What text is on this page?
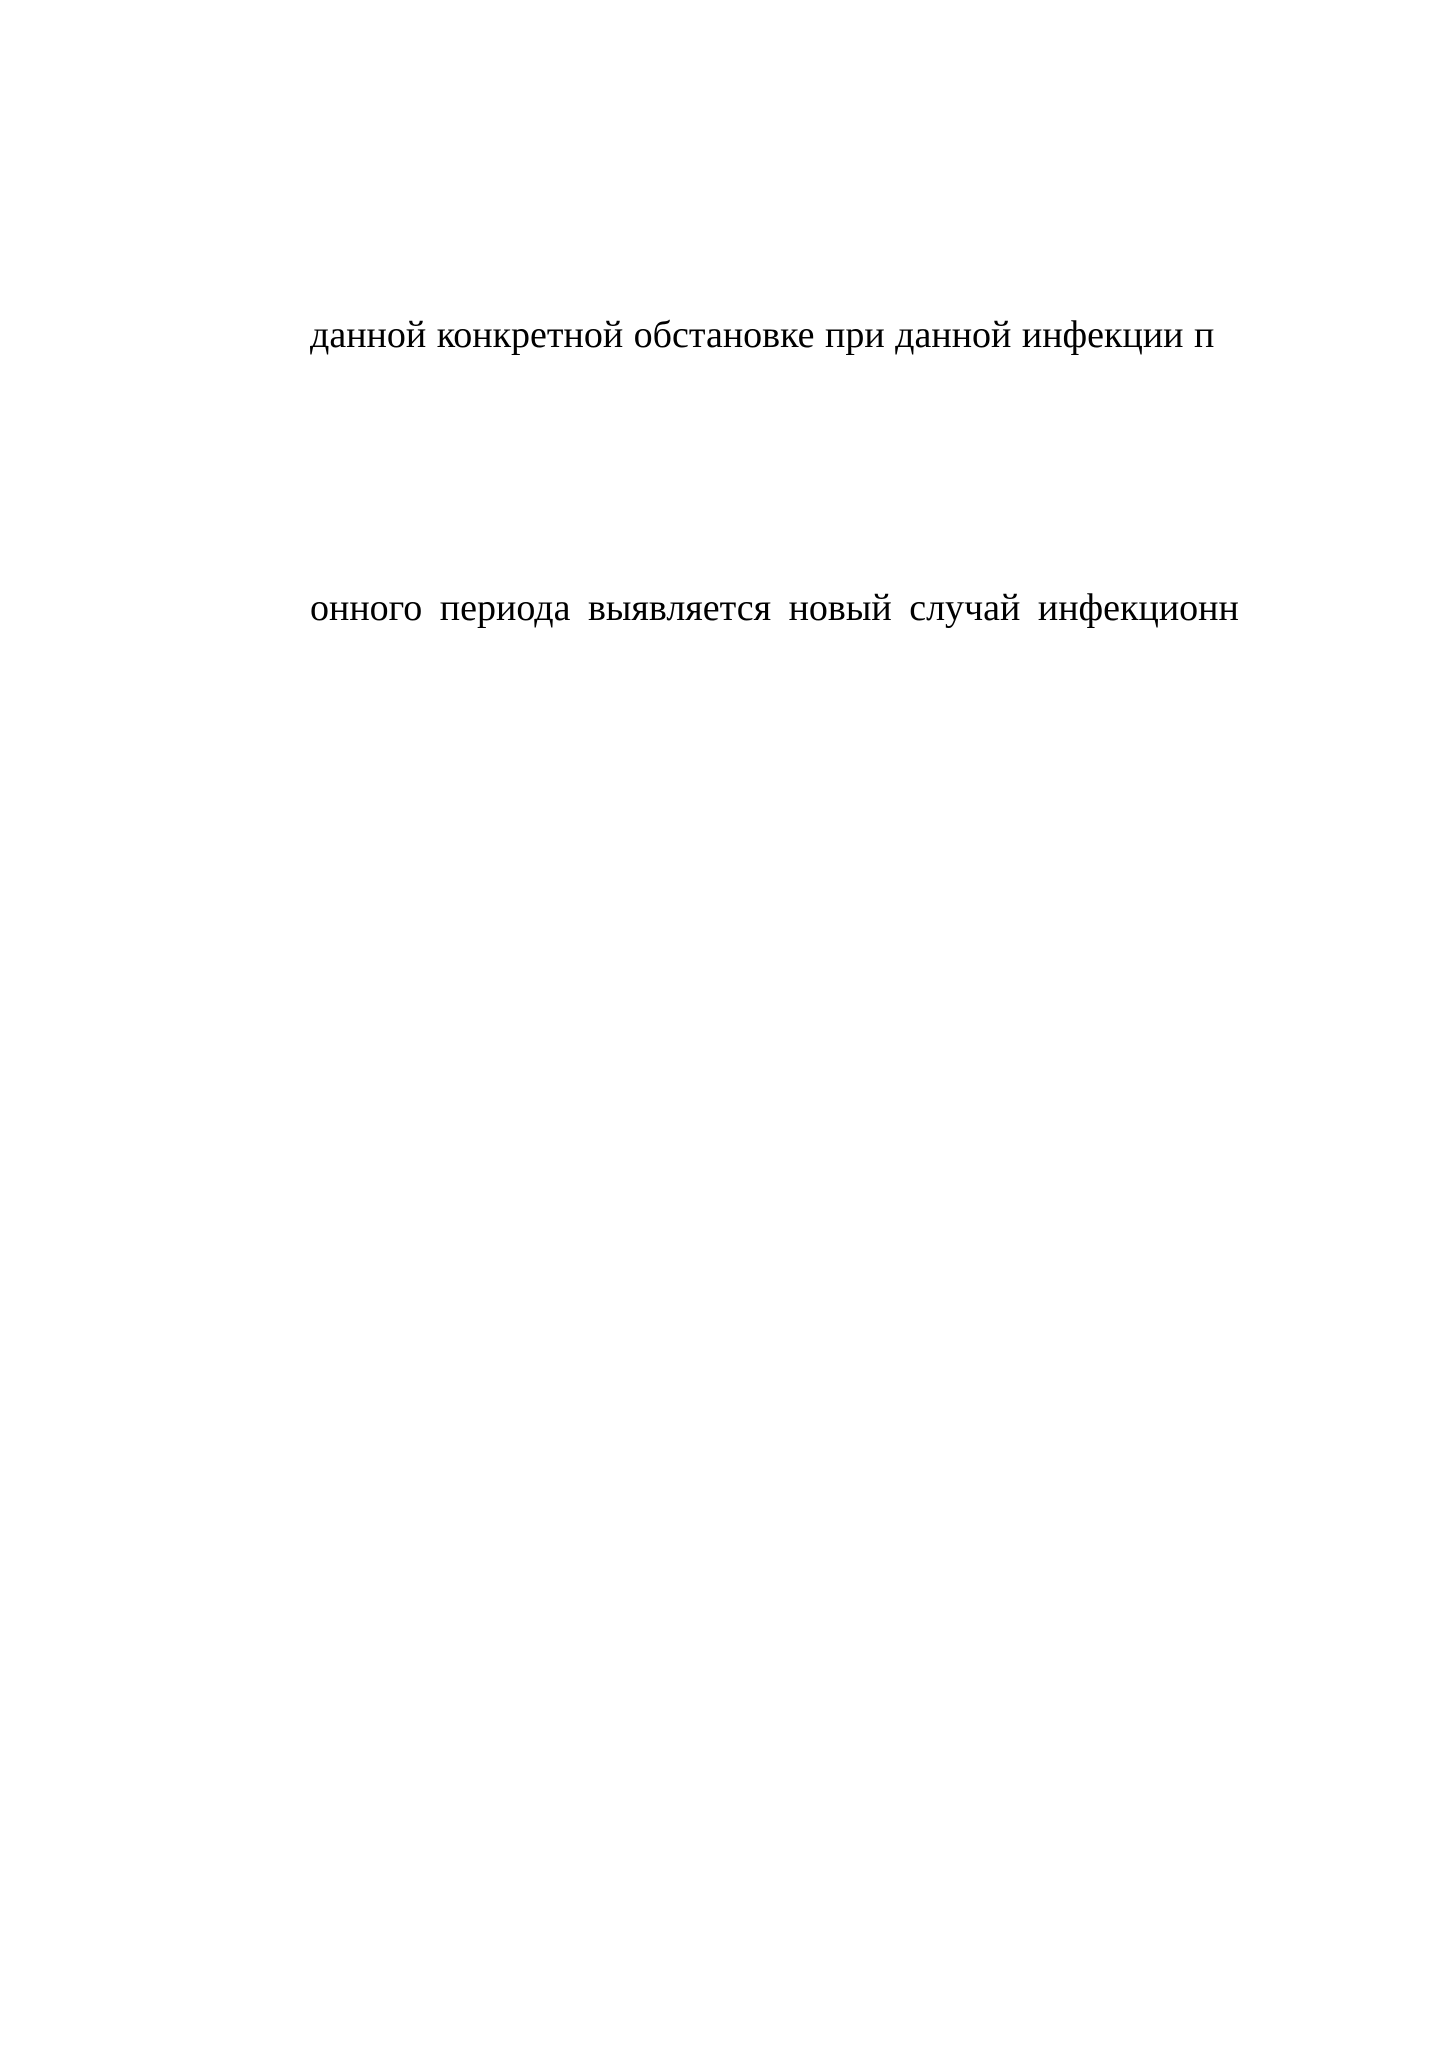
данной конкретной обстановке при данной инфекции п

онного периода выявляется новый случай инфекционн
